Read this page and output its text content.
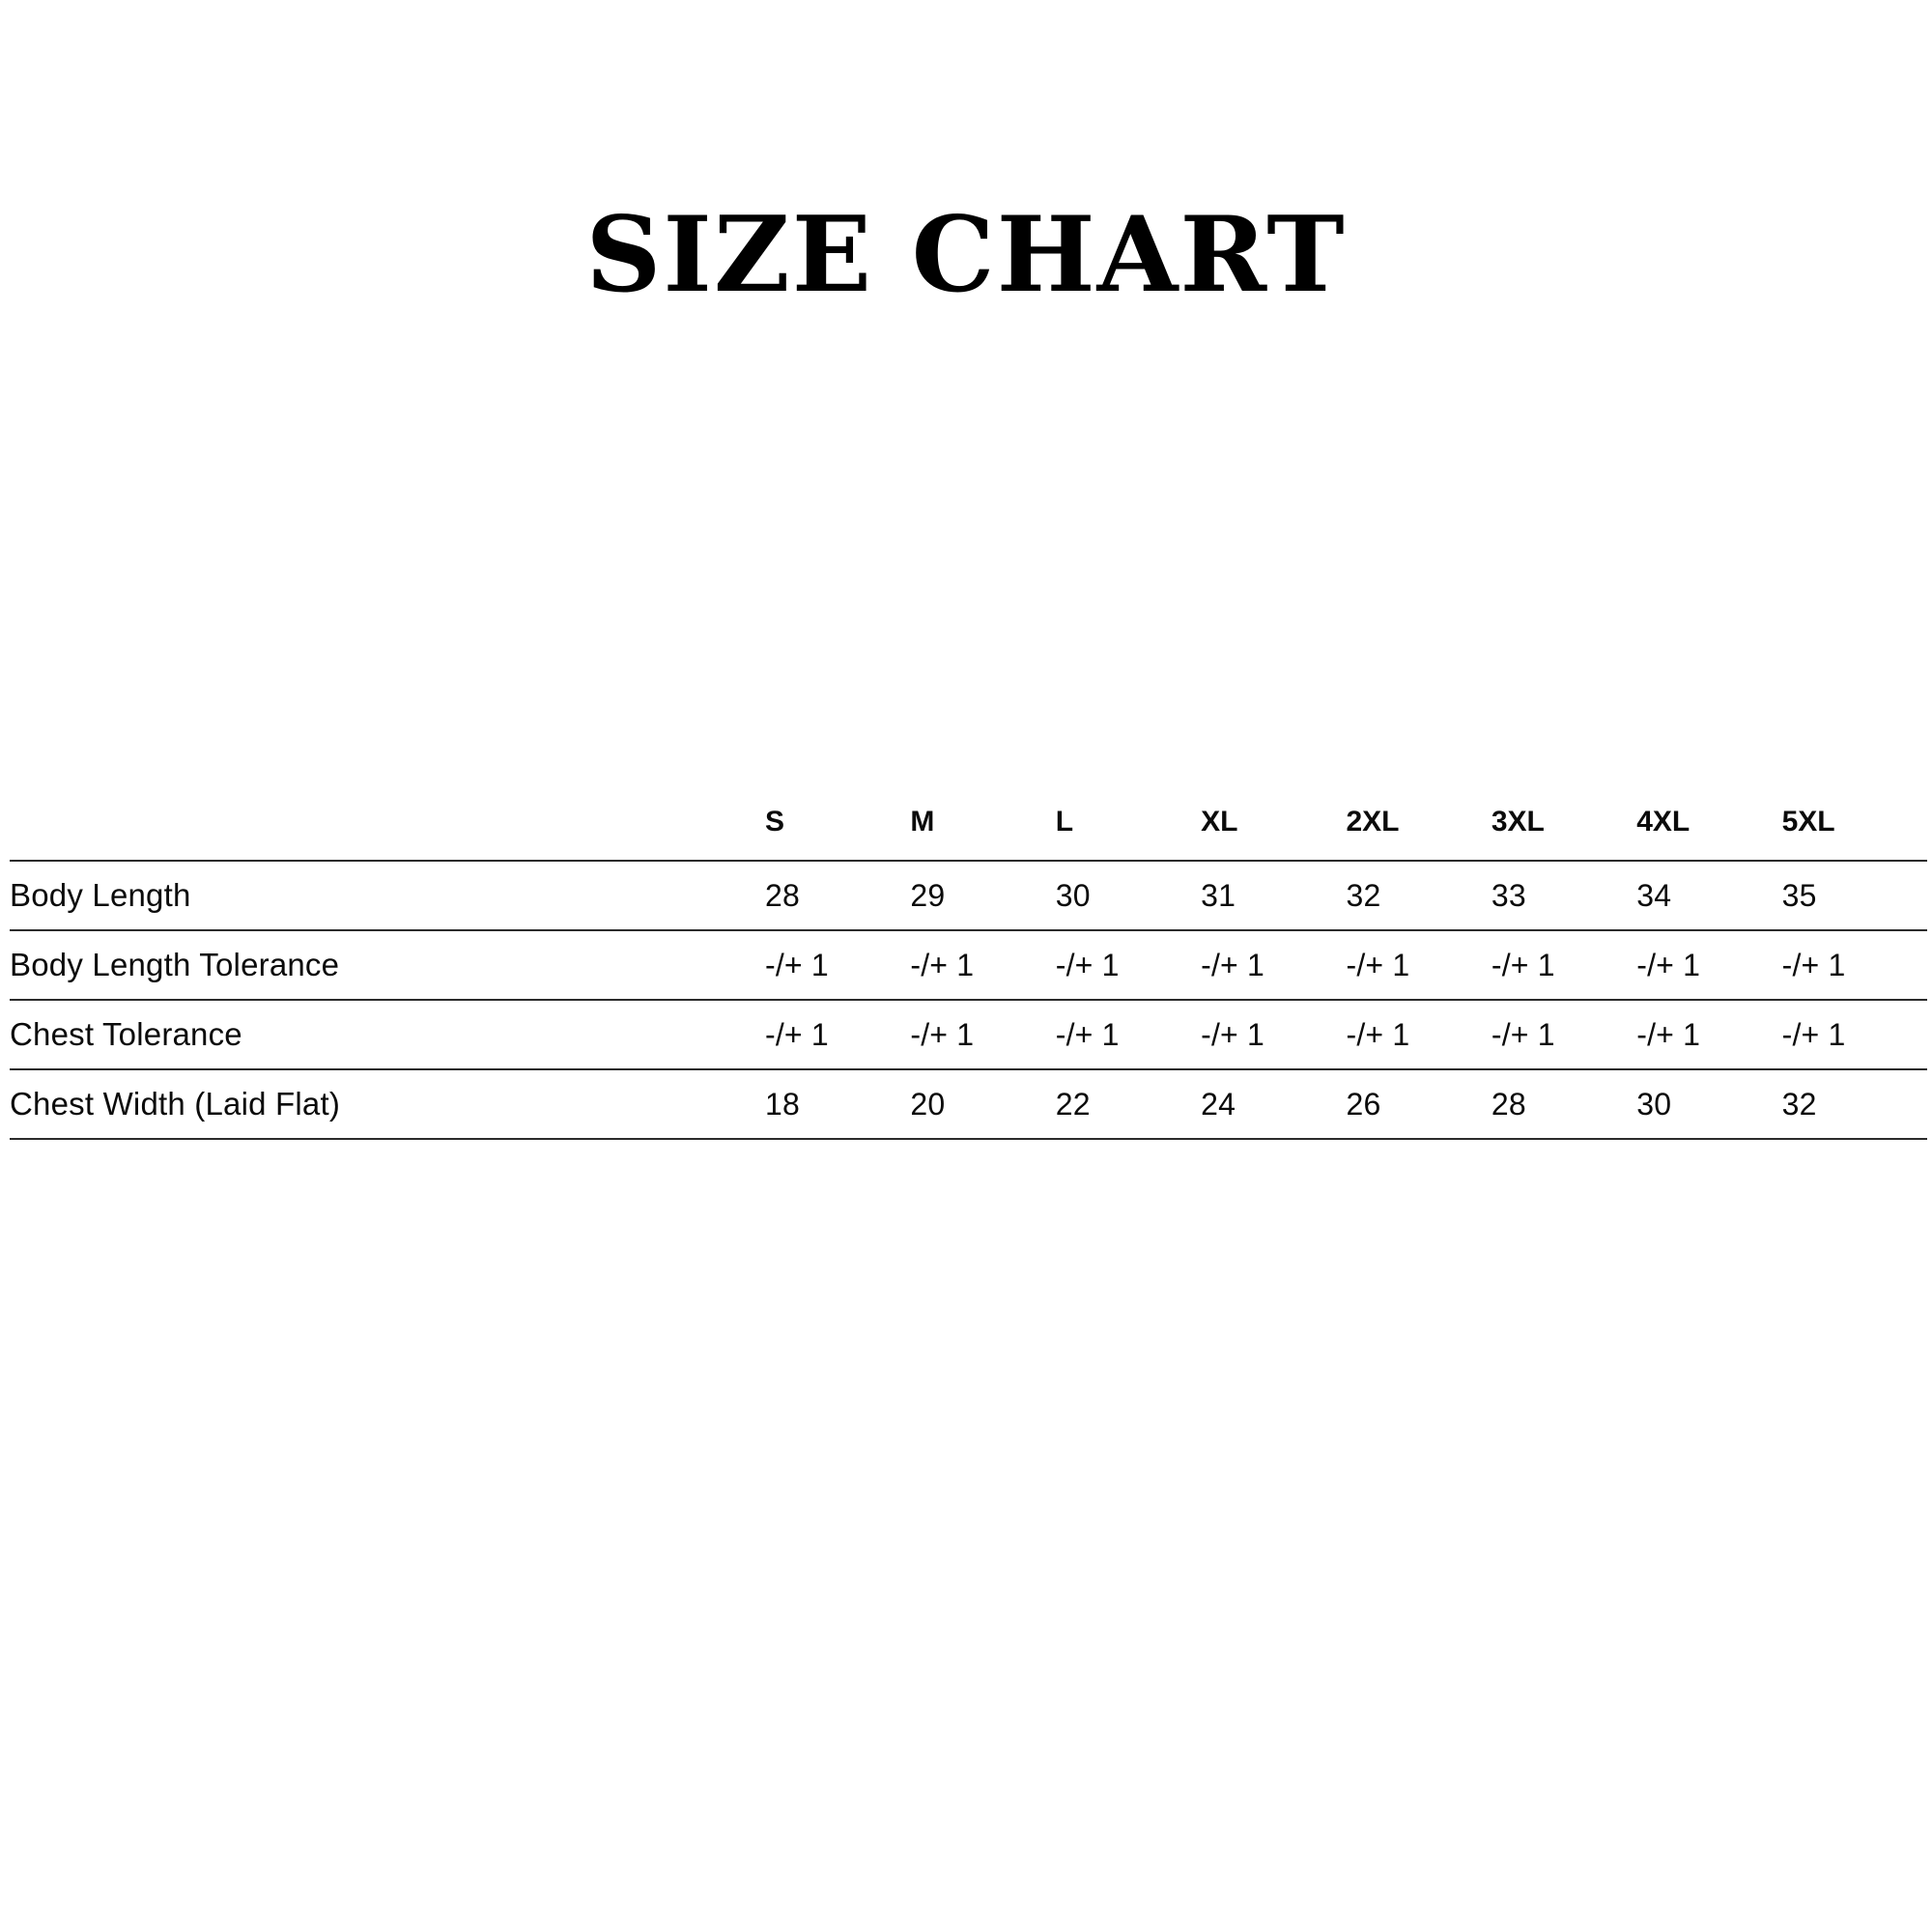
SIZE CHART
	S	M	L	XL	2XL	3XL	4XL	5XL
Body Length	28	29	30	31	32	33	34	35
Body Length Tolerance	-/+ 1	-/+ 1	-/+ 1	-/+ 1	-/+ 1	-/+ 1	-/+ 1	-/+ 1
Chest Tolerance	-/+ 1	-/+ 1	-/+ 1	-/+ 1	-/+ 1	-/+ 1	-/+ 1	-/+ 1
Chest Width (Laid Flat)	18	20	22	24	26	28	30	32
